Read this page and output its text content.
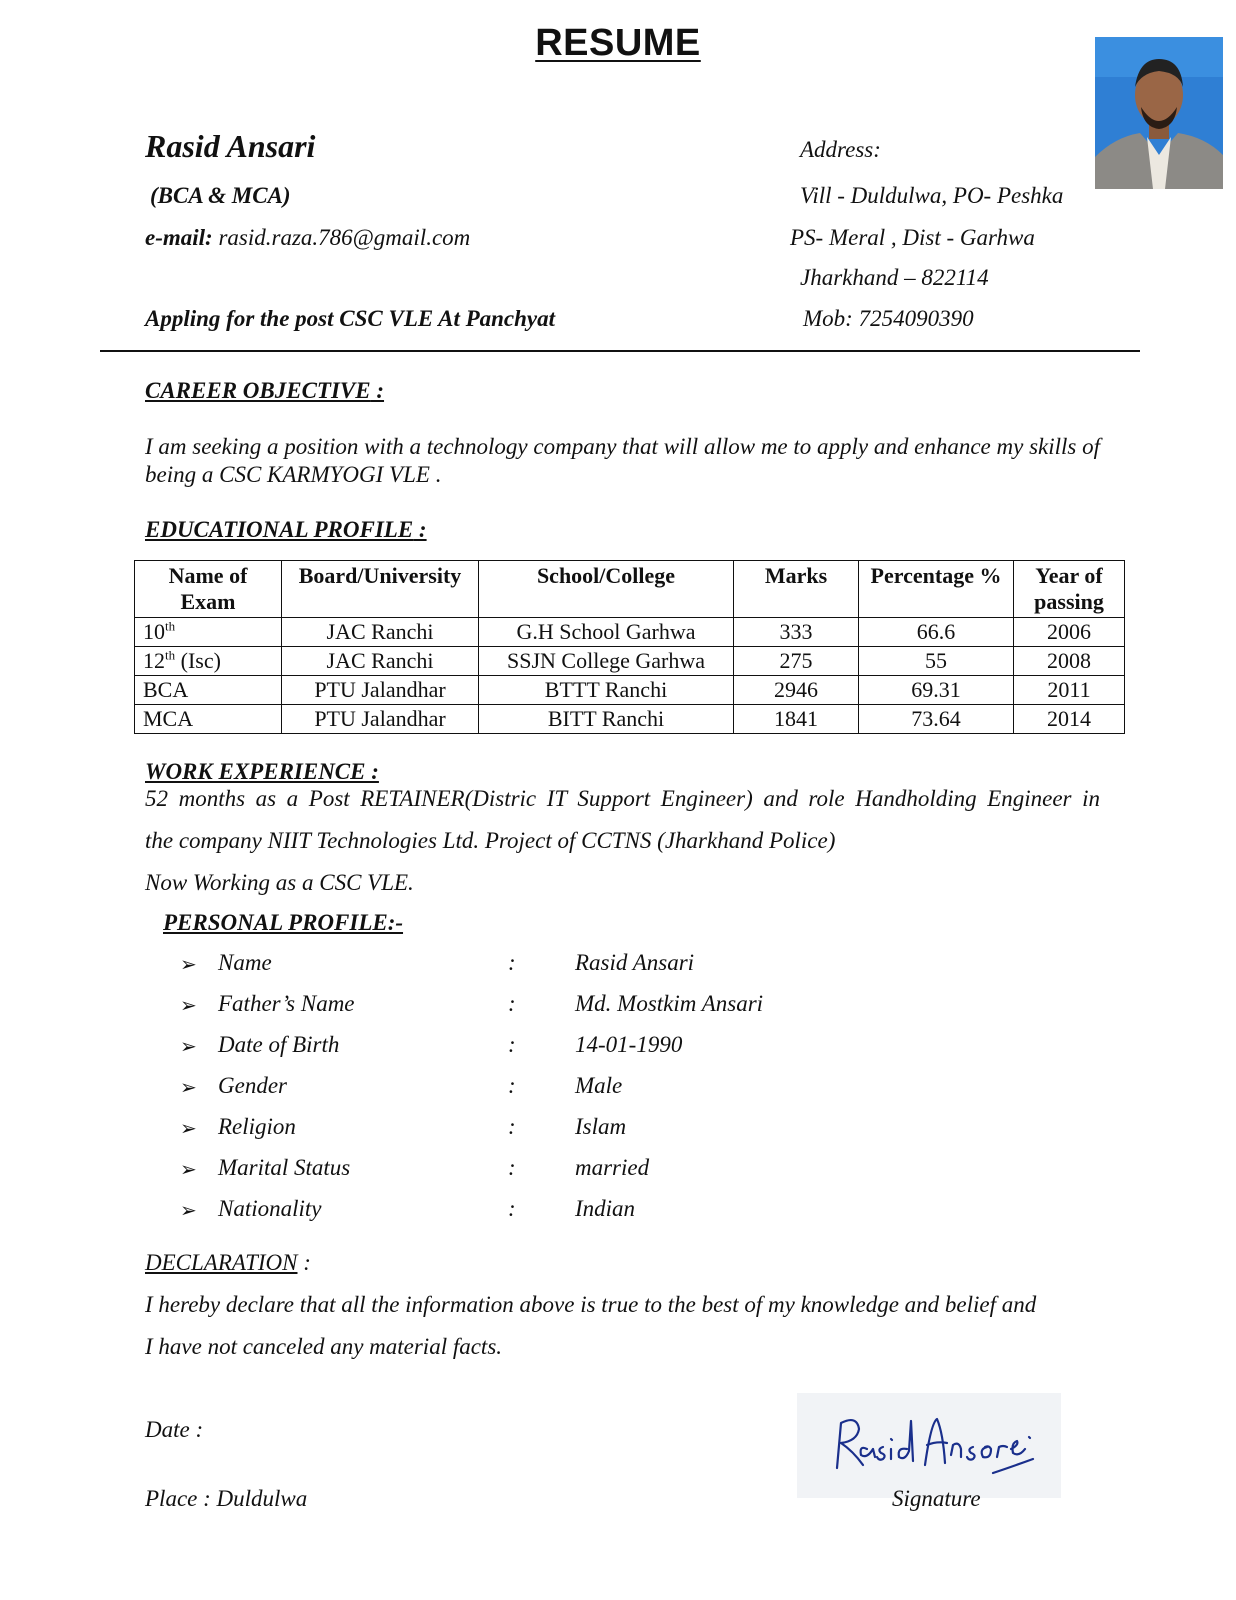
RESUME
Rasid Ansari
(BCA & MCA)
e-mail: rasid.raza.786@gmail.com
Appling for the post CSC VLE At Panchyat
Address:
Vill - Duldulwa, PO- Peshka
PS- Meral , Dist - Garhwa
Jharkhand – 822114
Mob: 7254090390
CAREER OBJECTIVE :
I am seeking a position with a technology company that will allow me to apply and enhance my skills of being a CSC KARMYOGI VLE .
EDUCATIONAL PROFILE :
Name of Exam	Board/University	School/College	Marks	Percentage %	Year of passing
10th	JAC Ranchi	G.H School Garhwa	333	66.6	2006
12th (Isc)	JAC Ranchi	SSJN College Garhwa	275	55	2008
BCA	PTU Jalandhar	BTTT Ranchi	2946	69.31	2011
MCA	PTU Jalandhar	BITT Ranchi	1841	73.64	2014
WORK EXPERIENCE :
52 months as a Post RETAINER(Distric IT Support Engineer) and role Handholding Engineer in
the company NIIT Technologies Ltd. Project of CCTNS (Jharkhand Police)
Now Working as a CSC VLE.
PERSONAL PROFILE:-
➢ Name	:	Rasid Ansari
➢ Father’s Name	:	Md. Mostkim Ansari
➢ Date of Birth	:	14-01-1990
➢ Gender	:	Male
➢ Religion	:	Islam
➢ Marital Status	:	married
➢ Nationality	:	Indian
DECLARATION :
I hereby declare that all the information above is true to the best of my knowledge and belief and
I have not canceled any material facts.
Date :
Place : Duldulwa	Signature
